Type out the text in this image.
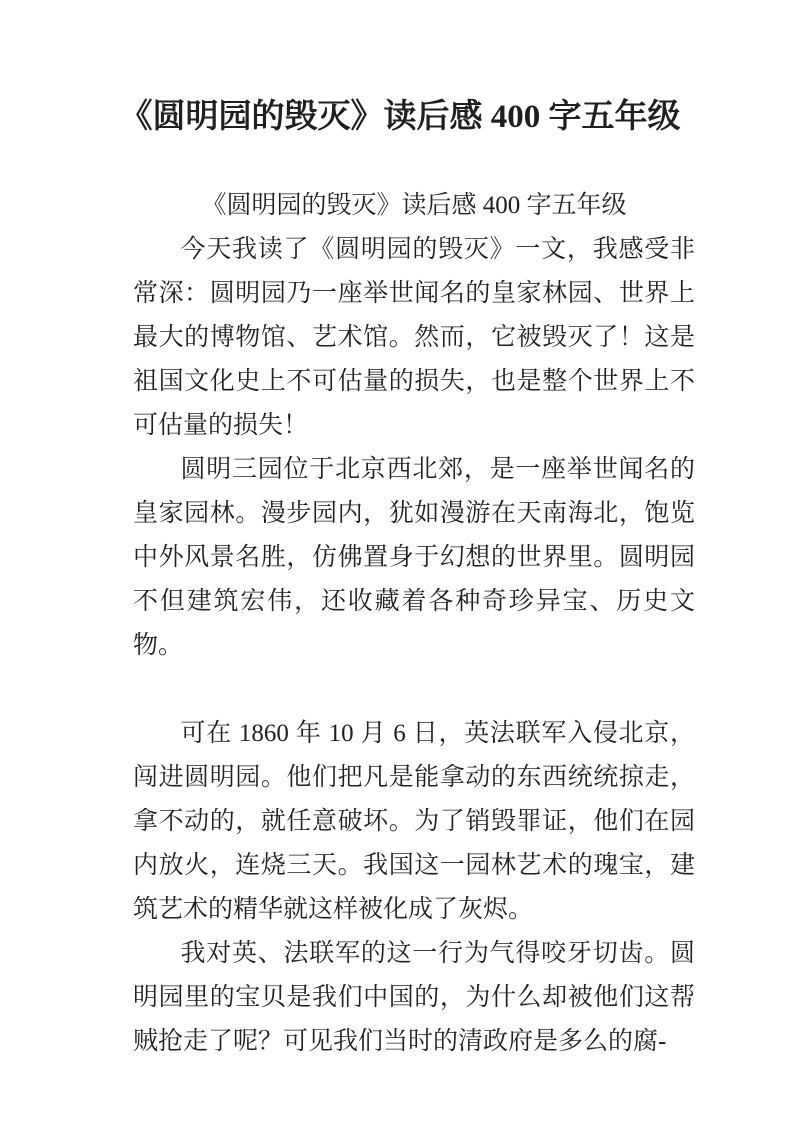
《圆明园的毁灭》读后感 400 字五年级

《圆明园的毁灭》读后感 400 字五年级

今天我读了《圆明园的毁灭》一文，我感受非常深：圆明园乃一座举世闻名的皇家林园、世界上最大的博物馆、艺术馆。然而，它被毁灭了！这是祖国文化史上不可估量的损失，也是整个世界上不可估量的损失！

圆明三园位于北京西北郊，是一座举世闻名的皇家园林。漫步园内，犹如漫游在天南海北，饱览中外风景名胜，仿佛置身于幻想的世界里。圆明园不但建筑宏伟，还收藏着各种奇珍异宝、历史文物。

可在 1860 年 10 月 6 日，英法联军入侵北京，闯进圆明园。他们把凡是能拿动的东西统统掠走，拿不动的，就任意破坏。为了销毁罪证，他们在园内放火，连烧三天。我国这一园林艺术的瑰宝，建筑艺术的精华就这样被化成了灰烬。

我对英、法联军的这一行为气得咬牙切齿。圆明园里的宝贝是我们中国的，为什么却被他们这帮贼抢走了呢？可见我们当时的清政府是多么的腐-
